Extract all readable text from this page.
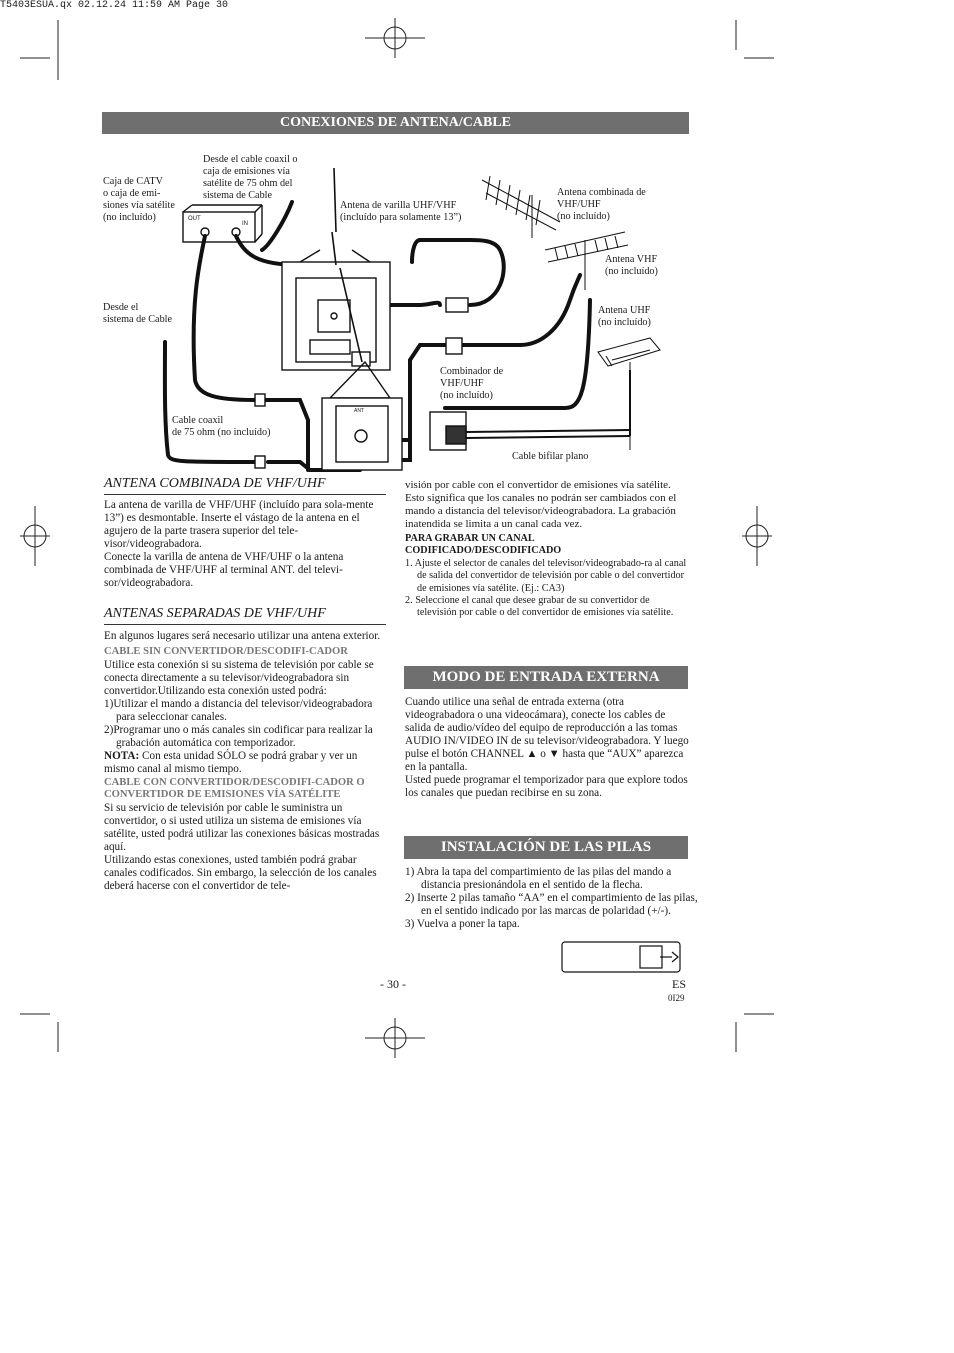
T5403ESUA.qx 02.12.24 11:59 AM Page 30
CONEXIONES DE ANTENA/CABLE
Caja de CATV
o caja de emi-
siones vía satélite
(no incluído)
Desde el cable coaxil o
caja de emisiones vía
satélite de 75 ohm del
sistema de Cable
Antena de varilla UHF/VHF
(incluído para solamente 13”)
Antena combinada de
VHF/UHF
(no incluído)
Antena VHF
(no incluído)
Antena UHF
(no incluído)
Desde el
sistema de Cable
Combinador de
VHF/UHF
(no incluído)
Cable coaxil
de 75 ohm (no incluído)
Cable bifilar plano
OUT
IN
ANT
ANTENA COMBINADA DE VHF/UHF

La antena de varilla de VHF/UHF (incluído para sola-mente 13”) es desmontable. Inserte el vástago de la antena en el agujero de la parte trasera superior del tele-visor/videograbadora.

Conecte la varilla de antena de VHF/UHF o la antena combinada de VHF/UHF al terminal ANT. del televi-sor/videograbadora.

ANTENAS SEPARADAS DE VHF/UHF

En algunos lugares será necesario utilizar una antena exterior.

CABLE SIN CONVERTIDOR/DESCODIFI-CADOR

Utilice esta conexión si su sistema de televisión por cable se conecta directamente a su televisor/videograbadora sin convertidor.Utilizando esta conexión usted podrá:

1)Utilizar el mando a distancia del televisor/videograbadora para seleccionar canales.

2)Programar uno o más canales sin codificar para realizar la grabación automática con temporizador.

NOTA: Con esta unidad SÓLO se podrá grabar y ver un mismo canal al mismo tiempo.

CABLE CON CONVERTIDOR/DESCODIFI-CADOR O CONVERTIDOR DE EMISIONES VÍA SATÉLITE

Si su servicio de televisión por cable le suministra un convertidor, o si usted utiliza un sistema de emisiones vía satélite, usted podrá utilizar las conexiones básicas mostradas aquí.

Utilizando estas conexiones, usted también podrá grabar canales codificados. Sin embargo, la selección de los canales deberá hacerse con el convertidor de tele-

visión por cable con el convertidor de emisiones vía satélite. Esto significa que los canales no podrán ser cambiados con el mando a distancia del televisor/videograbadora. La grabación inatendida se limita a un canal cada vez.

PARA GRABAR UN CANAL CODIFICADO/DESCODIFICADO

1. Ajuste el selector de canales del televisor/videograbado-ra al canal de salida del convertidor de televisión por cable o del convertidor de emisiones vía satélite. (Ej.: CA3)

2. Seleccione el canal que desee grabar de su convertidor de televisión por cable o del convertidor de emisiones vía satélite.

MODO DE ENTRADA EXTERNA

Cuando utilice una señal de entrada externa (otra videograbadora o una videocámara), conecte los cables de salida de audio/vídeo del equipo de reproducción a las tomas AUDIO IN/VIDEO IN de su televisor/videograbadora. Y luego pulse el botón CHANNEL ▲ o ▼ hasta que “AUX” aparezca en la pantalla.

Usted puede programar el temporizador para que explore todos los canales que puedan recibirse en su zona.

INSTALACIÓN DE LAS PILAS

1) Abra la tapa del compartimiento de las pilas del mando a distancia presionándola en el sentido de la flecha.

2) Inserte 2 pilas tamaño “AA” en el compartimiento de las pilas, en el sentido indicado por las marcas de polaridad (+/-).

3) Vuelva a poner la tapa.

- 30 -	ES
0I29
